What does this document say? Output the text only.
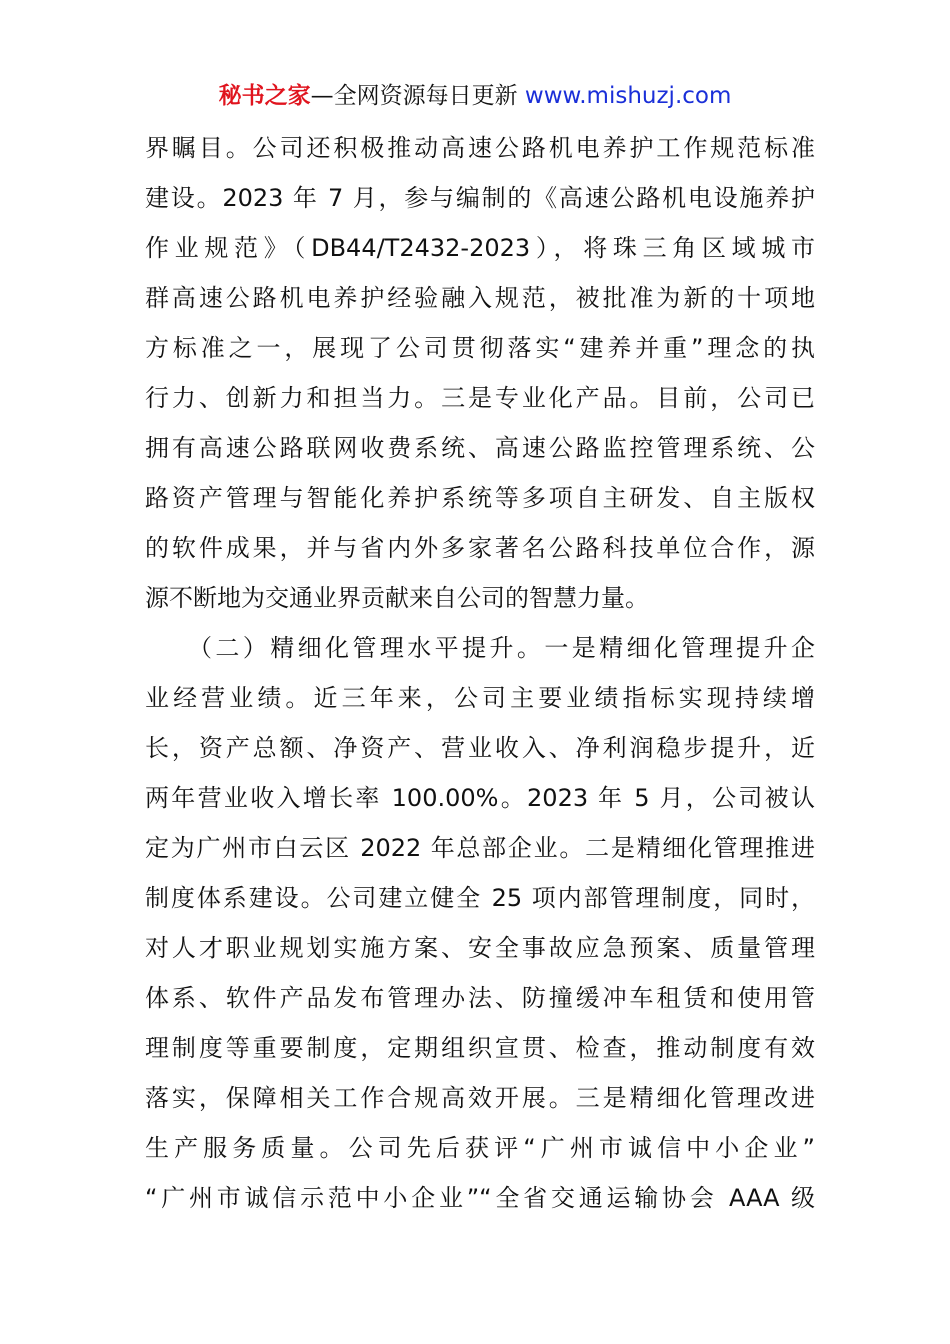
秘书之家—全网资源每日更新 www.mishuzj.com
界瞩目。公司还积极推动高速公路机电养护工作规范标准
建设。2023 年 7 月，参与编制的《高速公路机电设施养护
作业规范》（DB44/T2432-2023），将珠三角区域城市
群高速公路机电养护经验融入规范，被批准为新的十项地
方标准之一，展现了公司贯彻落实“建养并重”理念的执
行力、创新力和担当力。三是专业化产品。目前，公司已
拥有高速公路联网收费系统、高速公路监控管理系统、公
路资产管理与智能化养护系统等多项自主研发、自主版权
的软件成果，并与省内外多家著名公路科技单位合作，源
源不断地为交通业界贡献来自公司的智慧力量。
（二）精细化管理水平提升。一是精细化管理提升企
业经营业绩。近三年来，公司主要业绩指标实现持续增
长，资产总额、净资产、营业收入、净利润稳步提升，近
两年营业收入增长率 100.00%。2023 年 5 月，公司被认
定为广州市白云区 2022 年总部企业。二是精细化管理推进
制度体系建设。公司建立健全 25 项内部管理制度，同时，
对人才职业规划实施方案、安全事故应急预案、质量管理
体系、软件产品发布管理办法、防撞缓冲车租赁和使用管
理制度等重要制度，定期组织宣贯、检查，推动制度有效
落实，保障相关工作合规高效开展。三是精细化管理改进
生产服务质量。公司先后获评“广州市诚信中小企业”
“广州市诚信示范中小企业”“全省交通运输协会 AAA 级
